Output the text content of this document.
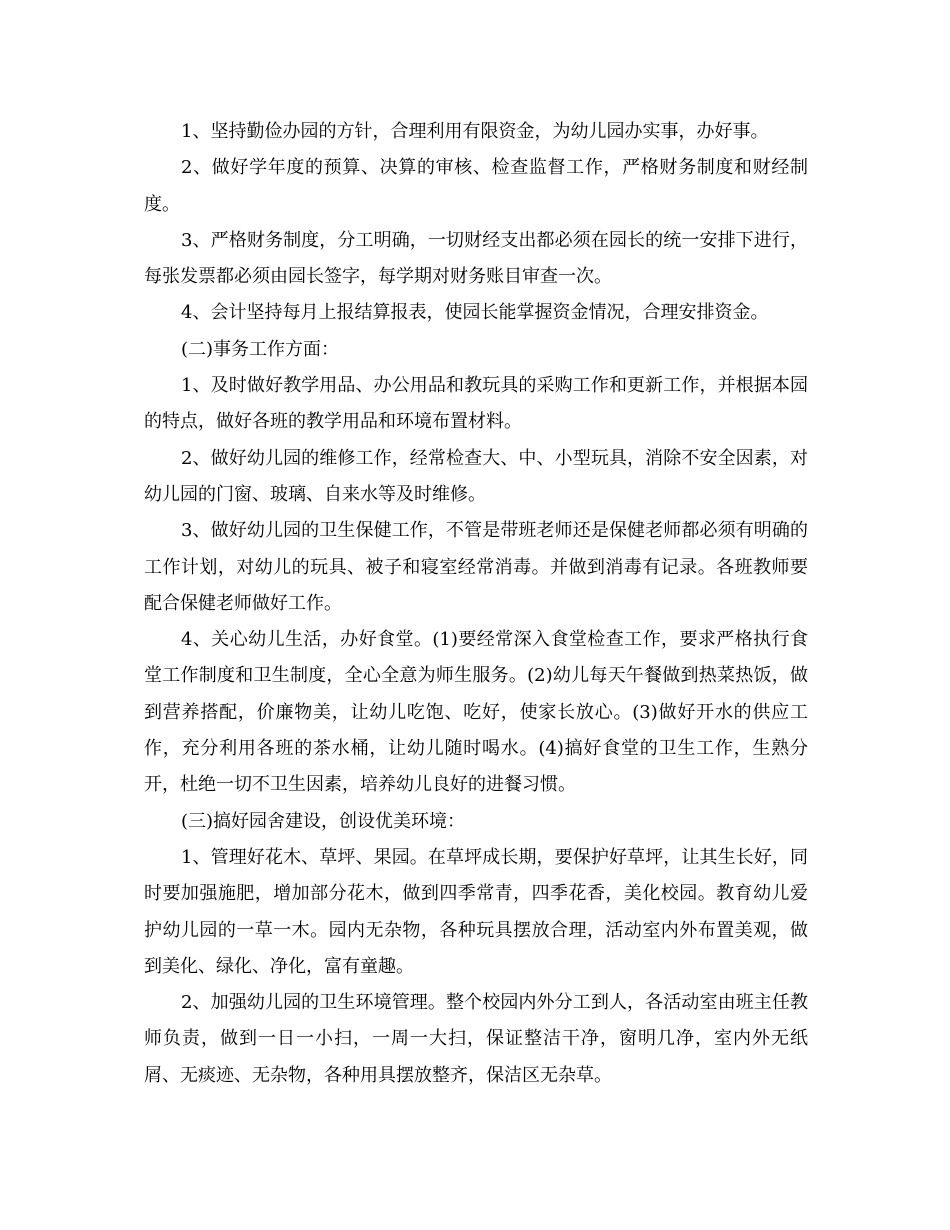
1、坚持勤俭办园的方针，合理利用有限资金，为幼儿园办实事，办好事。

2、做好学年度的预算、决算的审核、检查监督工作，严格财务制度和财经制度。

3、严格财务制度，分工明确，一切财经支出都必须在园长的统一安排下进行，每张发票都必须由园长签字，每学期对财务账目审查一次。

4、会计坚持每月上报结算报表，使园长能掌握资金情况，合理安排资金。

(二)事务工作方面：

1、及时做好教学用品、办公用品和教玩具的采购工作和更新工作，并根据本园的特点，做好各班的教学用品和环境布置材料。

2、做好幼儿园的维修工作，经常检查大、中、小型玩具，消除不安全因素，对幼儿园的门窗、玻璃、自来水等及时维修。

3、做好幼儿园的卫生保健工作，不管是带班老师还是保健老师都必须有明确的工作计划，对幼儿的玩具、被子和寝室经常消毒。并做到消毒有记录。各班教师要配合保健老师做好工作。

4、关心幼儿生活，办好食堂。(1)要经常深入食堂检查工作，要求严格执行食堂工作制度和卫生制度，全心全意为师生服务。(2)幼儿每天午餐做到热菜热饭，做到营养搭配，价廉物美，让幼儿吃饱、吃好，使家长放心。(3)做好开水的供应工作，充分利用各班的茶水桶，让幼儿随时喝水。(4)搞好食堂的卫生工作，生熟分开，杜绝一切不卫生因素，培养幼儿良好的进餐习惯。

(三)搞好园舍建设，创设优美环境：

1、管理好花木、草坪、果园。在草坪成长期，要保护好草坪，让其生长好，同时要加强施肥，增加部分花木，做到四季常青，四季花香，美化校园。教育幼儿爱护幼儿园的一草一木。园内无杂物，各种玩具摆放合理，活动室内外布置美观，做到美化、绿化、净化，富有童趣。

2、加强幼儿园的卫生环境管理。整个校园内外分工到人，各活动室由班主任教师负责，做到一日一小扫，一周一大扫，保证整洁干净，窗明几净，室内外无纸屑、无痰迹、无杂物，各种用具摆放整齐，保洁区无杂草。
